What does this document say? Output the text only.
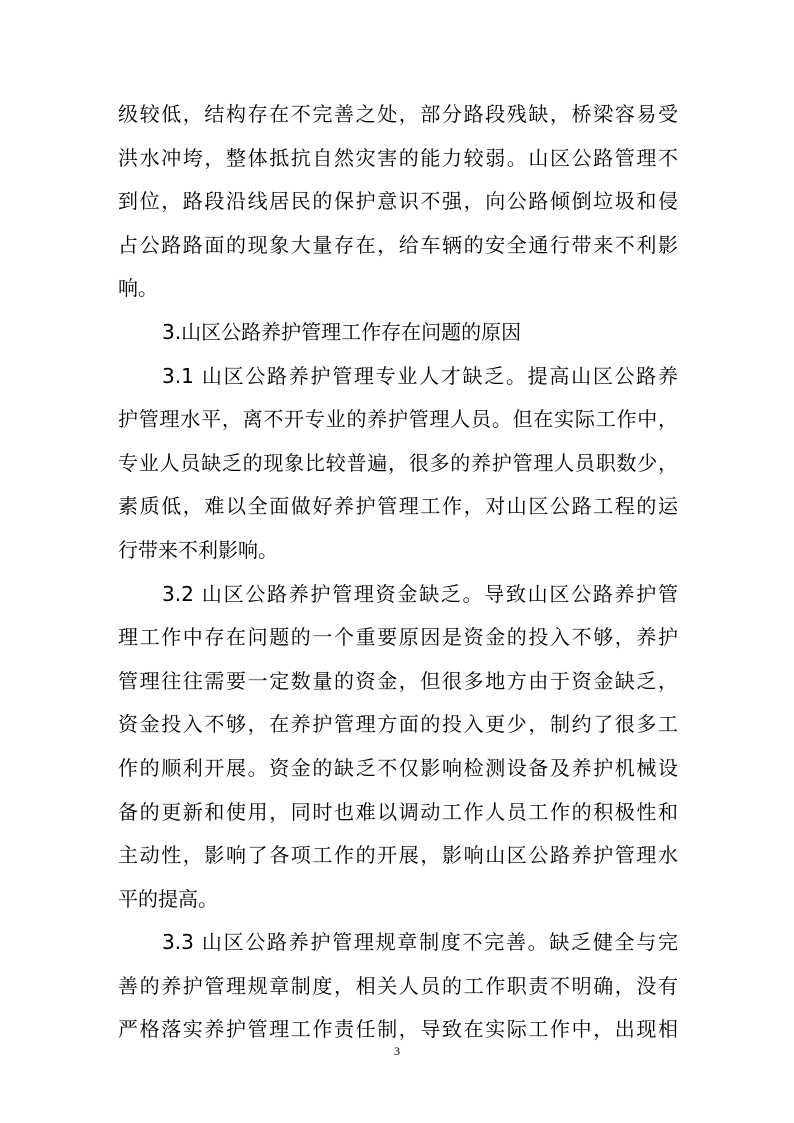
级较低，结构存在不完善之处，部分路段残缺，桥梁容易受
洪水冲垮，整体抵抗自然灾害的能力较弱。山区公路管理不
到位，路段沿线居民的保护意识不强，向公路倾倒垃圾和侵
占公路路面的现象大量存在，给车辆的安全通行带来不利影
响。
3.山区公路养护管理工作存在问题的原因
3.1 山区公路养护管理专业人才缺乏。提高山区公路养
护管理水平，离不开专业的养护管理人员。但在实际工作中，
专业人员缺乏的现象比较普遍，很多的养护管理人员职数少，
素质低，难以全面做好养护管理工作，对山区公路工程的运
行带来不利影响。
3.2 山区公路养护管理资金缺乏。导致山区公路养护管
理工作中存在问题的一个重要原因是资金的投入不够，养护
管理往往需要一定数量的资金，但很多地方由于资金缺乏，
资金投入不够，在养护管理方面的投入更少，制约了很多工
作的顺利开展。资金的缺乏不仅影响检测设备及养护机械设
备的更新和使用，同时也难以调动工作人员工作的积极性和
主动性，影响了各项工作的开展，影响山区公路养护管理水
平的提高。
3.3 山区公路养护管理规章制度不完善。缺乏健全与完
善的养护管理规章制度，相关人员的工作职责不明确，没有
严格落实养护管理工作责任制，导致在实际工作中，出现相
3
